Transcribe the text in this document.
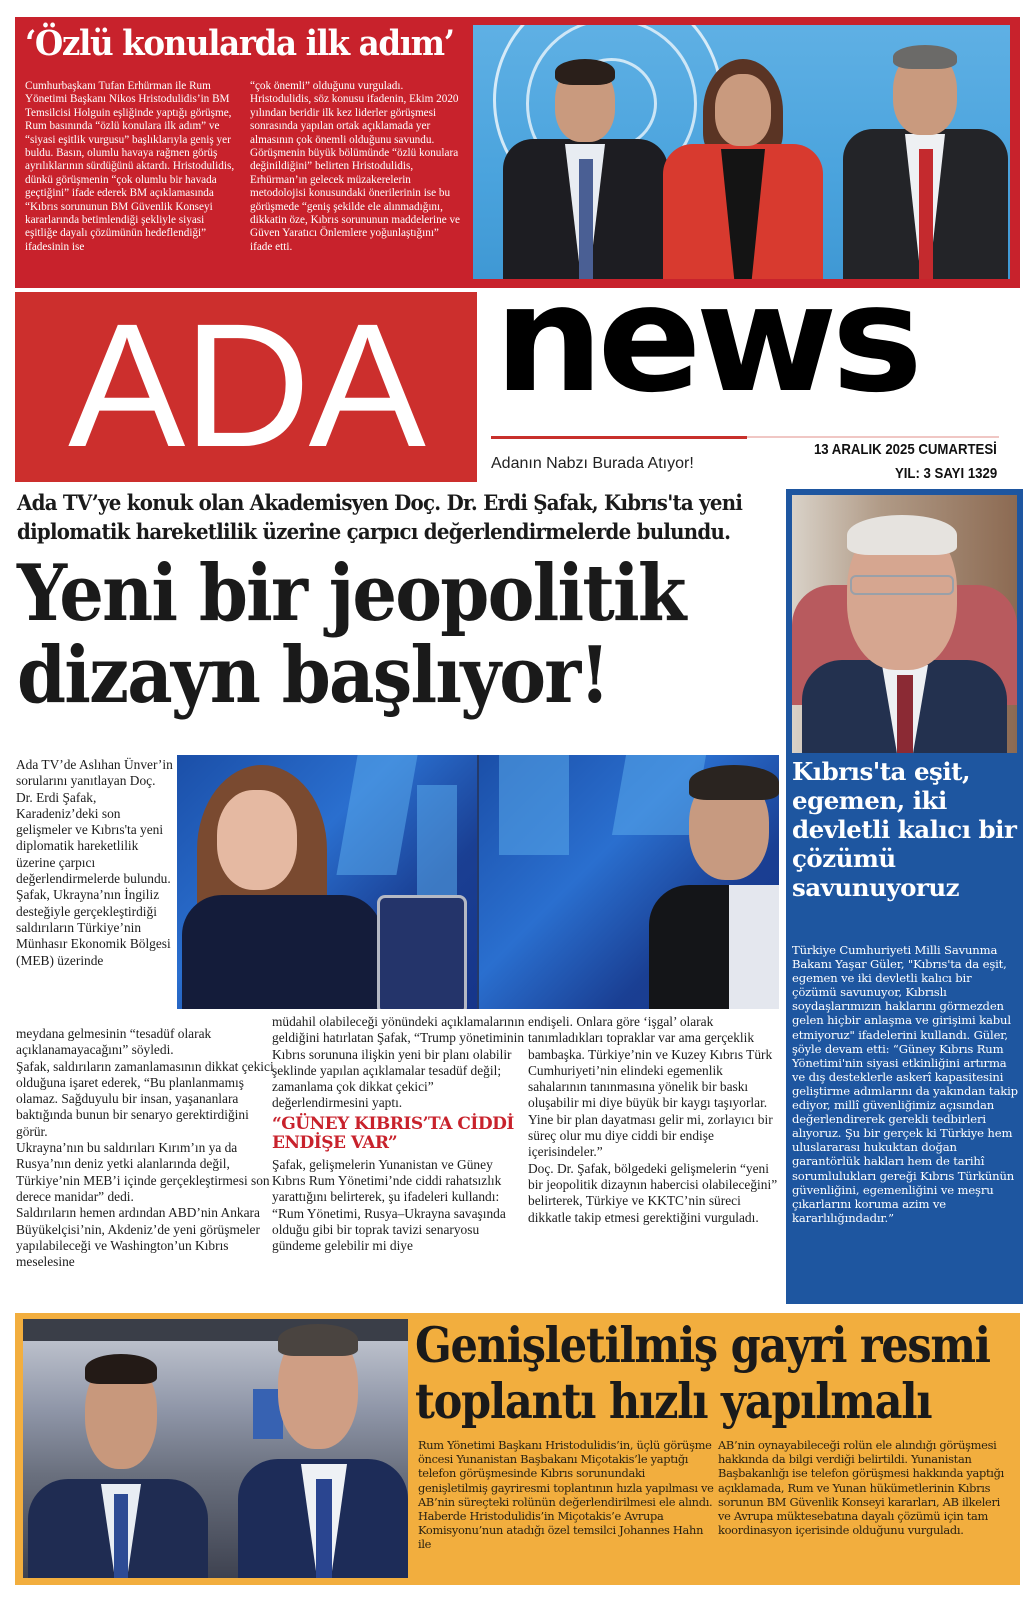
‘Özlü konularda ilk adım’

Cumhurbaşkanı Tufan Erhürman ile Rum Yönetimi Başkanı Nikos Hristodulidis’in BM Temsilcisi Holguin eşliğinde yaptığı görüşme, Rum basınında “özlü konulara ilk adım” ve “siyasi eşitlik vurgusu” başlıklarıyla geniş yer buldu. Basın, olumlu havaya rağmen görüş ayrılıklarının sürdüğünü aktardı. Hristodulidis, dünkü görüşmenin “çok olumlu bir havada geçtiğini” ifade ederek BM açıklamasında “Kıbrıs sorununun BM Güvenlik Konseyi kararlarında betimlendiği şekliyle siyasi eşitliğe dayalı çözümünün hedeflendiği” ifadesinin ise

“çok önemli” olduğunu vurguladı. Hristodulidis, söz konusu ifadenin, Ekim 2020 yılından beridir ilk kez liderler görüşmesi sonrasında yapılan ortak açıklamada yer almasının çok önemli olduğunu savundu. Görüşmenin büyük bölümünde “özlü konulara değinildiğini” belirten Hristodulidis, Erhürman’ın gelecek müzakerelerin metodolojisi konusundaki önerilerinin ise bu görüşmede “geniş şekilde ele alınmadığını, dikkatin öze, Kıbrıs sorununun maddelerine ve Güven Yaratıcı Önlemlere yoğunlaştığını” ifade etti.

ADA news
Adanın Nabzı Burada Atıyor!
13 ARALIK 2025 CUMARTESİ
YIL: 3 SAYI 1329
Ada TV’ye konuk olan Akademisyen Doç. Dr. Erdi Şafak, Kıbrıs'ta yeni diplomatik hareketlilik üzerine çarpıcı değerlendirmelerde bulundu.
Yeni bir jeopolitik
dizayn başlıyor!

Ada TV’de Aslıhan Ünver’in sorularını yanıtlayan Doç. Dr. Erdi Şafak, Karadeniz’deki son gelişmeler ve Kıbrıs'ta yeni diplomatik hareketlilik üzerine çarpıcı değerlendirmelerde bulundu. Şafak, Ukrayna’nın İngiliz desteğiyle gerçekleştirdiği saldırıların Türkiye’nin Münhasır Ekonomik Bölgesi (MEB) üzerinde

meydana gelmesinin “tesadüf olarak açıklanamayacağını” söyledi.
Şafak, saldırıların zamanlamasının dikkat çekici olduğuna işaret ederek, “Bu planlanmamış olamaz. Sağduyulu bir insan, yaşananlara baktığında bunun bir senaryo gerektirdiğini görür.
Ukrayna’nın bu saldırıları Kırım’ın ya da Rusya’nın deniz yetki alanlarında değil, Türkiye’nin MEB’i içinde gerçekleştirmesi son derece manidar” dedi.
Saldırıların hemen ardından ABD’nin Ankara Büyükelçisi’nin, Akdeniz’de yeni görüşmeler yapılabileceği ve Washington’un Kıbrıs meselesine
müdahil olabileceği yönündeki açıklamalarının geldiğini hatırlatan Şafak, “Trump yönetiminin Kıbrıs sorununa ilişkin yeni bir planı olabilir şeklinde yapılan açıklamalar tesadüf değil; zamanlama çok dikkat çekici” değerlendirmesini yaptı.
“GÜNEY KIBRIS’TA CİDDİ ENDİŞE VAR”
Şafak, gelişmelerin Yunanistan ve Güney Kıbrıs Rum Yönetimi’nde ciddi rahatsızlık yarattığını belirterek, şu ifadeleri kullandı:
“Rum Yönetimi, Rusya–Ukrayna savaşında olduğu gibi bir toprak tavizi senaryosu gündeme gelebilir mi diye
endişeli. Onlara göre ‘işgal’ olarak tanımladıkları topraklar var ama gerçeklik bambaşka. Türkiye’nin ve Kuzey Kıbrıs Türk Cumhuriyeti’nin elindeki egemenlik sahalarının tanınmasına yönelik bir baskı oluşabilir mi diye büyük bir kaygı taşıyorlar. Yine bir plan dayatması gelir mi, zorlayıcı bir süreç olur mu diye ciddi bir endişe içerisindeler.”
Doç. Dr. Şafak, bölgedeki gelişmelerin “yeni bir jeopolitik dizaynın habercisi olabileceğini” belirterek, Türkiye ve KKTC’nin süreci dikkatle takip etmesi gerektiğini vurguladı.
Kıbrıs'ta eşit, egemen, iki devletli kalıcı bir çözümü savunuyoruz

Türkiye Cumhuriyeti Milli Savunma Bakanı Yaşar Güler, "Kıbrıs'ta da eşit, egemen ve iki devletli kalıcı bir çözümü savunuyor, Kıbrıslı soydaşlarımızın haklarını görmezden gelen hiçbir anlaşma ve girişimi kabul etmiyoruz" ifadelerini kullandı. Güler, şöyle devam etti: “Güney Kıbrıs Rum Yönetimi'nin siyasi etkinliğini artırma ve dış desteklerle askerî kapasitesini geliştirme adımlarını da yakından takip ediyor, millî güvenliğimiz açısından değerlendirerek gerekli tedbirleri alıyoruz. Şu bir gerçek ki Türkiye hem uluslararası hukuktan doğan garantörlük hakları hem de tarihî sorumlulukları gereği Kıbrıs Türkünün güvenliğini, egemenliğini ve meşru çıkarlarını koruma azim ve kararlılığındadır.”

Genişletilmiş gayri resmi
toplantı hızlı yapılmalı

Rum Yönetimi Başkanı Hristodulidis’in, üçlü görüşme öncesi Yunanistan Başbakanı Miçotakis’le yaptığı telefon görüşmesinde Kıbrıs sorunundaki genişletilmiş gayriresmi toplantının hızla yapılması ve AB’nin süreçteki rolünün değerlendirilmesi ele alındı. Haberde Hristodulidis’in Miçotakis’e Avrupa Komisyonu’nun atadığı özel temsilci Johannes Hahn ile

AB’nin oynayabileceği rolün ele alındığı görüşmesi hakkında da bilgi verdiği belirtildi. Yunanistan Başbakanlığı ise telefon görüşmesi hakkında yaptığı açıklamada, Rum ve Yunan hükümetlerinin Kıbrıs sorunun BM Güvenlik Konseyi kararları, AB ilkeleri ve Avrupa müktesebatına dayalı çözümü için tam koordinasyon içerisinde olduğunu vurguladı.
